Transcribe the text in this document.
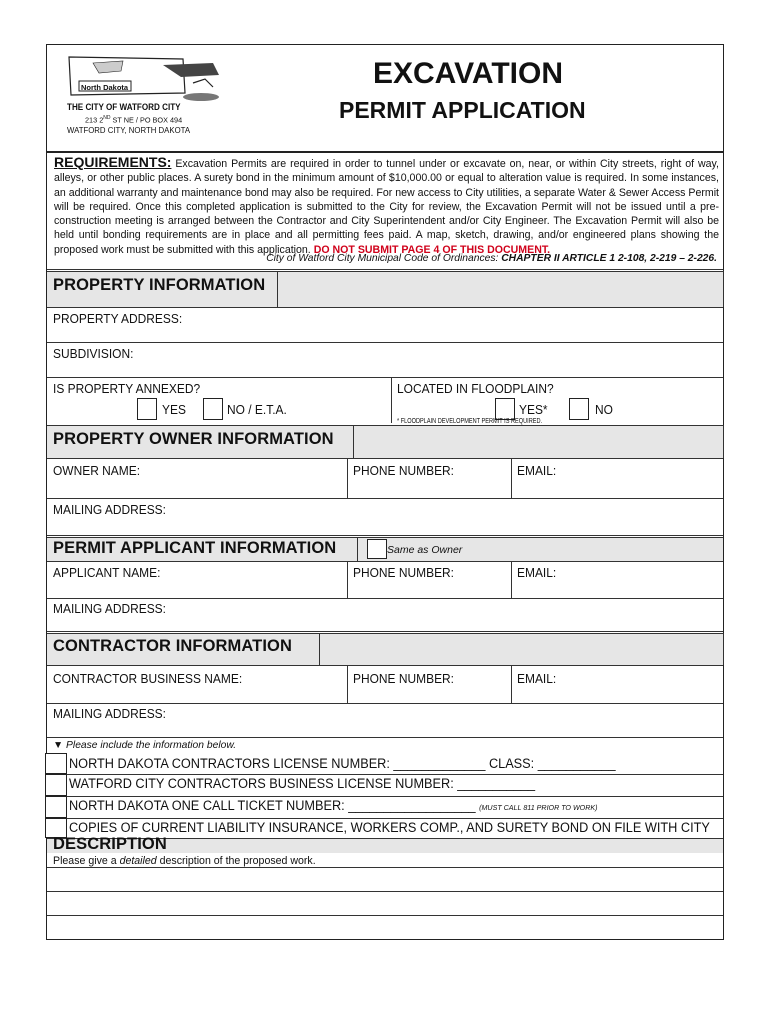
North Dakota
THE CITY OF WATFORD CITY
213 2ND ST NE / PO BOX 494
WATFORD CITY, NORTH DAKOTA
EXCAVATION
PERMIT APPLICATION
REQUIREMENTS: Excavation Permits are required in order to tunnel under or excavate on, near, or within City streets, right of way, alleys, or other public places. A surety bond in the minimum amount of $10,000.00 or equal to alteration value is required. In some instances, an additional warranty and maintenance bond may also be required. For new access to City utilities, a separate Water & Sewer Access Permit will be required. Once this completed application is submitted to the City for review, the Excavation Permit will not be issued until a pre-construction meeting is arranged between the Contractor and City Superintendent and/or City Engineer. The Excavation Permit will also be held until bonding requirements are in place and all permitting fees paid. A map, sketch, drawing, and/or engineered plans showing the proposed work must be submitted with this application. DO NOT SUBMIT PAGE 4 OF THIS DOCUMENT.
City of Watford City Municipal Code of Ordinances: CHAPTER II ARTICLE 1 2-108, 2-219 – 2-226.
PROPERTY INFORMATION
PROPERTY ADDRESS:
SUBDIVISION:
IS PROPERTY ANNEXED?
YES	NO / E.T.A.
LOCATED IN FLOODPLAIN?
YES*	NO
* FLOODPLAIN DEVELOPMENT PERMIT IS REQUIRED.
PROPERTY OWNER INFORMATION
OWNER NAME:	PHONE NUMBER:	EMAIL:
MAILING ADDRESS:
PERMIT APPLICANT INFORMATION	Same as Owner
APPLICANT NAME:	PHONE NUMBER:	EMAIL:
MAILING ADDRESS:
CONTRACTOR INFORMATION
CONTRACTOR BUSINESS NAME:	PHONE NUMBER:	EMAIL:
MAILING ADDRESS:
▼ Please include the information below.
NORTH DAKOTA CONTRACTORS LICENSE NUMBER: _____________ CLASS: ___________
WATFORD CITY CONTRACTORS BUSINESS LICENSE NUMBER: ___________
NORTH DAKOTA ONE CALL TICKET NUMBER: __________________ (MUST CALL 811 PRIOR TO WORK)
COPIES OF CURRENT LIABILITY INSURANCE, WORKERS COMP., AND SURETY BOND ON FILE WITH CITY
DESCRIPTION
Please give a detailed description of the proposed work.
